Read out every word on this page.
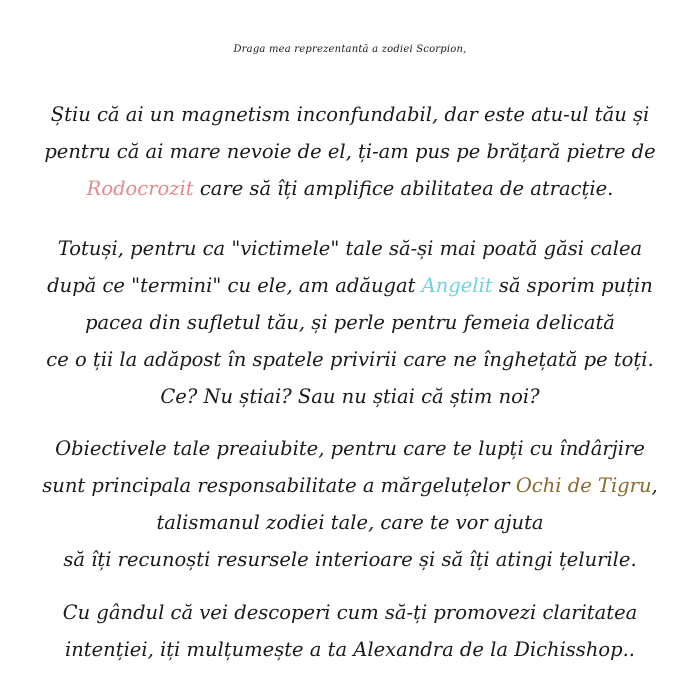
Draga mea reprezentantă a zodiei Scorpion,
Știu că ai un magnetism inconfundabil, dar este atu-ul tău și
pentru că ai mare nevoie de el, ți-am pus pe brățară pietre de
Rodocrozit care să îți amplifice abilitatea de atracție.
Totuși, pentru ca "victimele" tale să-și mai poată găsi calea
după ce "termini" cu ele, am adăugat Angelit să sporim puțin
pacea din sufletul tău, și perle pentru femeia delicată
ce o ții la adăpost în spatele privirii care ne înghețată pe toți.
Ce? Nu știai? Sau nu știai că știm noi?
Obiectivele tale preaiubite, pentru care te lupți cu îndârjire
sunt principala responsabilitate a mărgeluțelor Ochi de Tigru,
talismanul zodiei tale, care te vor ajuta
să îți recunoști resursele interioare și să îți atingi țelurile.
Cu gândul că vei descoperi cum să-ți promovezi claritatea
intenției, iți mulțumește a ta Alexandra de la Dichisshop..
